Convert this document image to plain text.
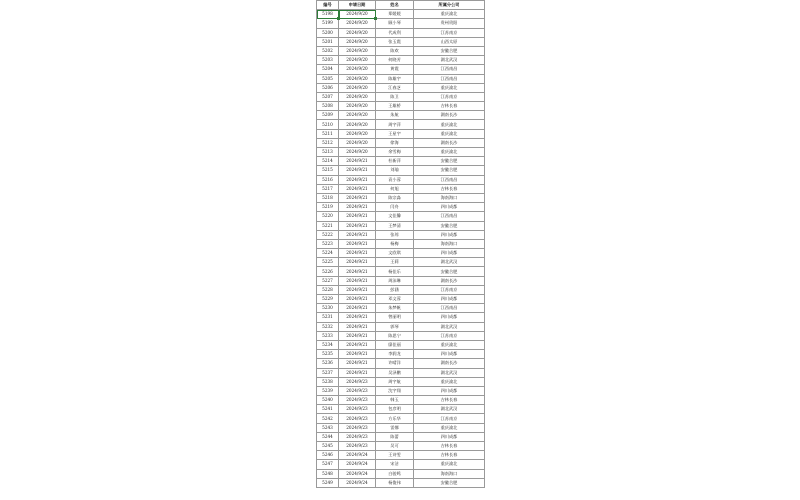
编号	申请日期	姓名	所属分公司
5198	2024/9/20	郑媛媛	重庆渝北
5199	2024/9/20	顾小琴	贵州贵阳
5200	2024/9/20	代成利	江苏南京
5201	2024/9/20	张玉霞	山西太原
5202	2024/9/20	陈欢	安徽合肥
5203	2024/9/20	何晓芳	湖北武汉
5204	2024/9/20	黄霞	江西南昌
5205	2024/9/20	陈雄宇	江西南昌
5206	2024/9/20	江春芝	重庆渝北
5207	2024/9/20	陈卫	江苏南京
5208	2024/9/20	王雄桥	吉林长春
5209	2024/9/20	朱航	湖南长沙
5210	2024/9/20	周宇萍	重庆渝北
5211	2024/9/20	王星宇	重庆渝北
5212	2024/9/20	徐海	湖南长沙
5213	2024/9/20	余雪梅	重庆渝北
5214	2024/9/21	杜新萍	安徽合肥
5215	2024/9/21	刘瑜	安徽合肥
5216	2024/9/21	袁小蓉	江西南昌
5217	2024/9/21	何旭	吉林长春
5218	2024/9/21	陈宗淼	海南海口
5219	2024/9/21	闫舟	四川成都
5220	2024/9/21	文佳馨	江西南昌
5221	2024/9/21	王梦清	安徽合肥
5222	2024/9/21	张琼	四川成都
5223	2024/9/21	杨梅	海南海口
5224	2024/9/21	文欣琪	四川成都
5225	2024/9/21	王莉	湖北武汉
5226	2024/9/21	杨佳乐	安徽合肥
5227	2024/9/21	周沫琳	湖南长沙
5228	2024/9/21	彭涵	江苏南京
5229	2024/9/21	邓文蓉	四川成都
5230	2024/9/21	朱梦帆	江西南昌
5231	2024/9/21	曾丽明	四川成都
5232	2024/9/21	郭琴	湖北武汉
5233	2024/9/21	陈思宁	江苏南京
5234	2024/9/21	廖佳丽	重庆渝北
5235	2024/9/21	李润龙	四川成都
5236	2024/9/21	许晴洋	湖南长沙
5237	2024/9/21	吴泽鹏	湖北武汉
5238	2024/9/23	周宇航	重庆渝北
5239	2024/9/23	沈宇翔	四川成都
5240	2024/9/23	韩玉	吉林长春
5241	2024/9/23	包彦明	湖北武汉
5242	2024/9/23	方乐华	江苏南京
5243	2024/9/23	雷娜	重庆渝北
5244	2024/9/23	陈蕾	四川成都
5245	2024/9/23	吴可	吉林长春
5246	2024/9/24	王诗雯	吉林长春
5247	2024/9/24	宋洁	重庆渝北
5248	2024/9/24	白骏鸣	海南海口
5249	2024/9/24	杨俊伟	安徽合肥
